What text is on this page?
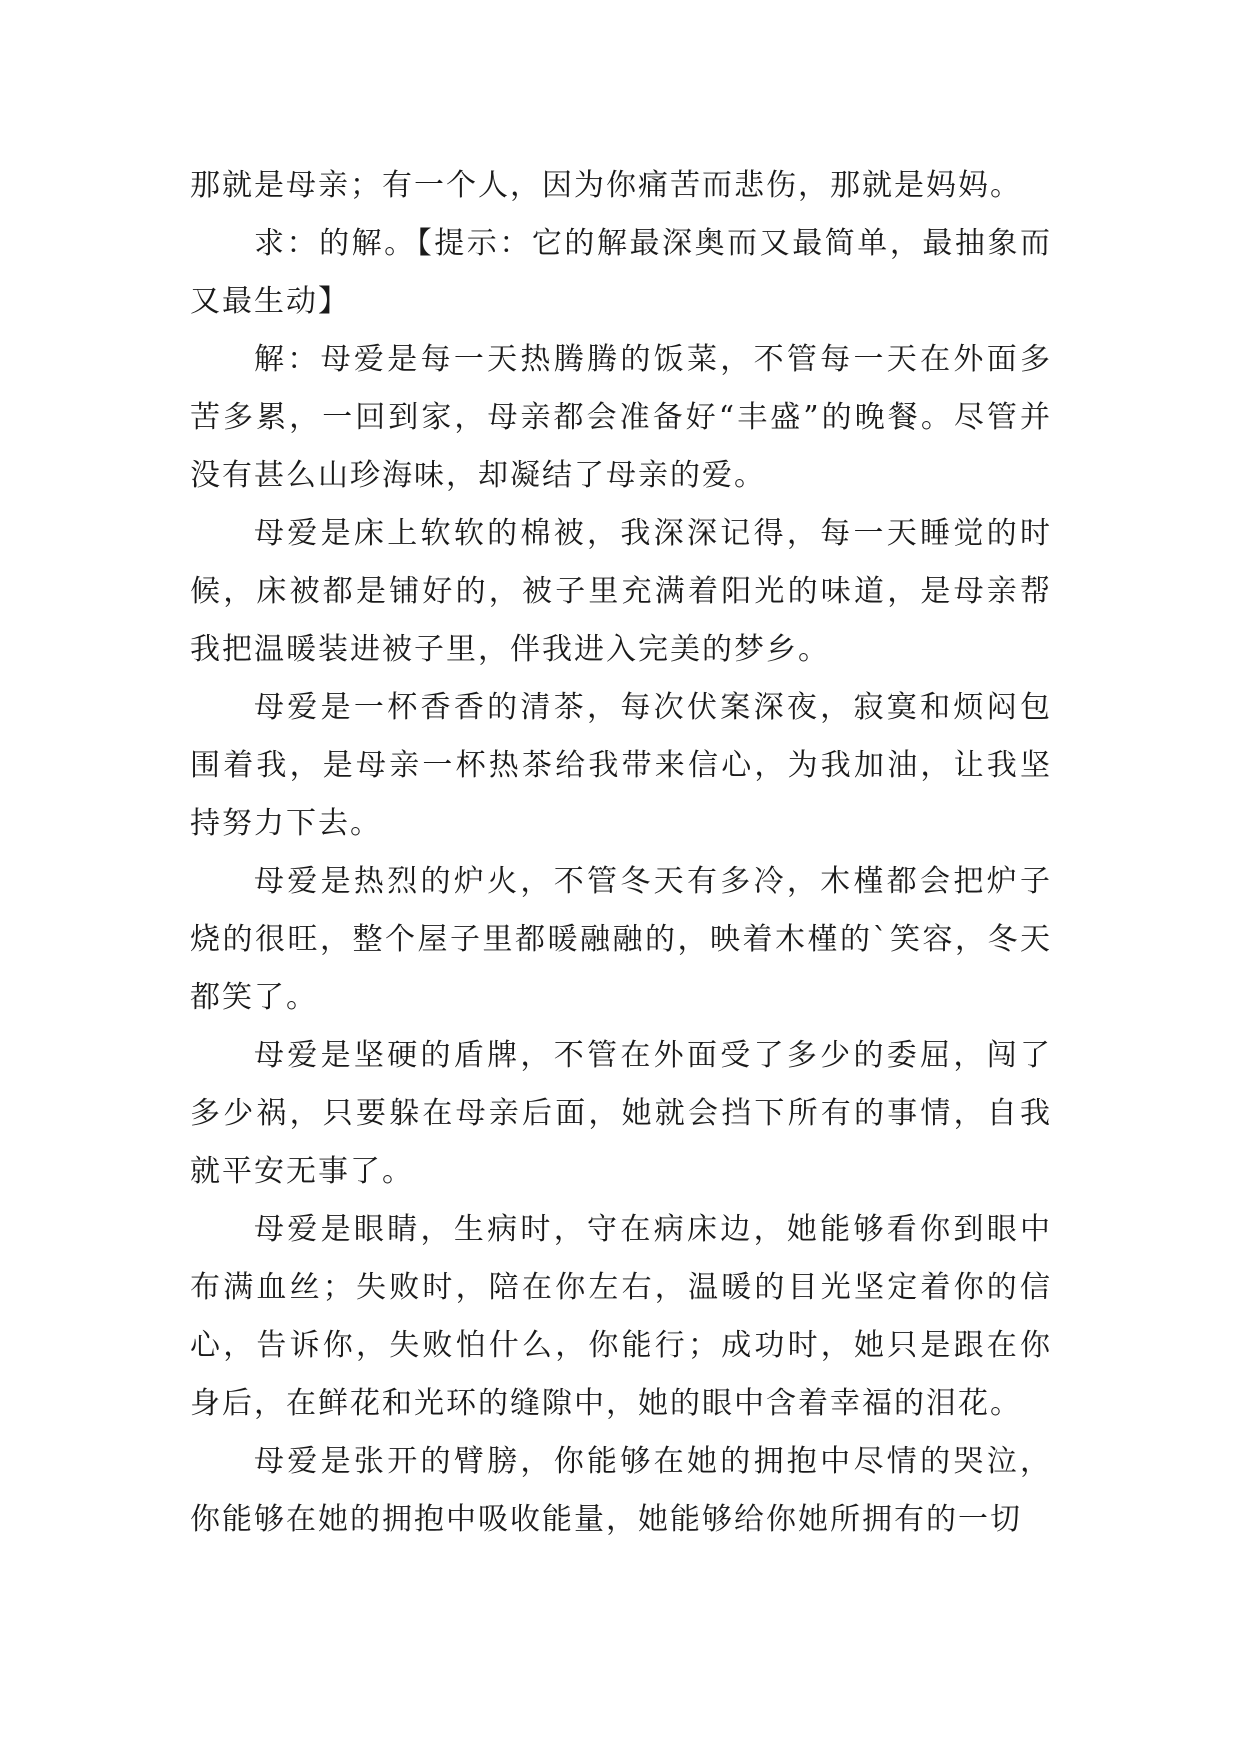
那就是母亲；有一个人，因为你痛苦而悲伤，那就是妈妈。

求：的解。【提示：它的解最深奥而又最简单，最抽象而又最生动】

解：母爱是每一天热腾腾的饭菜，不管每一天在外面多苦多累，一回到家，母亲都会准备好“丰盛”的晚餐。尽管并没有甚么山珍海味，却凝结了母亲的爱。

母爱是床上软软的棉被，我深深记得，每一天睡觉的时候，床被都是铺好的，被子里充满着阳光的味道，是母亲帮我把温暖装进被子里，伴我进入完美的梦乡。

母爱是一杯香香的清茶，每次伏案深夜，寂寞和烦闷包围着我，是母亲一杯热茶给我带来信心，为我加油，让我坚持努力下去。

母爱是热烈的炉火，不管冬天有多冷，木槿都会把炉子烧的很旺，整个屋子里都暖融融的，映着木槿的`笑容，冬天都笑了。

母爱是坚硬的盾牌，不管在外面受了多少的委屈，闯了多少祸，只要躲在母亲后面，她就会挡下所有的事情，自我就平安无事了。

母爱是眼睛，生病时，守在病床边，她能够看你到眼中布满血丝；失败时，陪在你左右，温暖的目光坚定着你的信心，告诉你，失败怕什么，你能行；成功时，她只是跟在你身后，在鲜花和光环的缝隙中，她的眼中含着幸福的泪花。

母爱是张开的臂膀，你能够在她的拥抱中尽情的哭泣，你能够在她的拥抱中吸收能量，她能够给你她所拥有的一切
